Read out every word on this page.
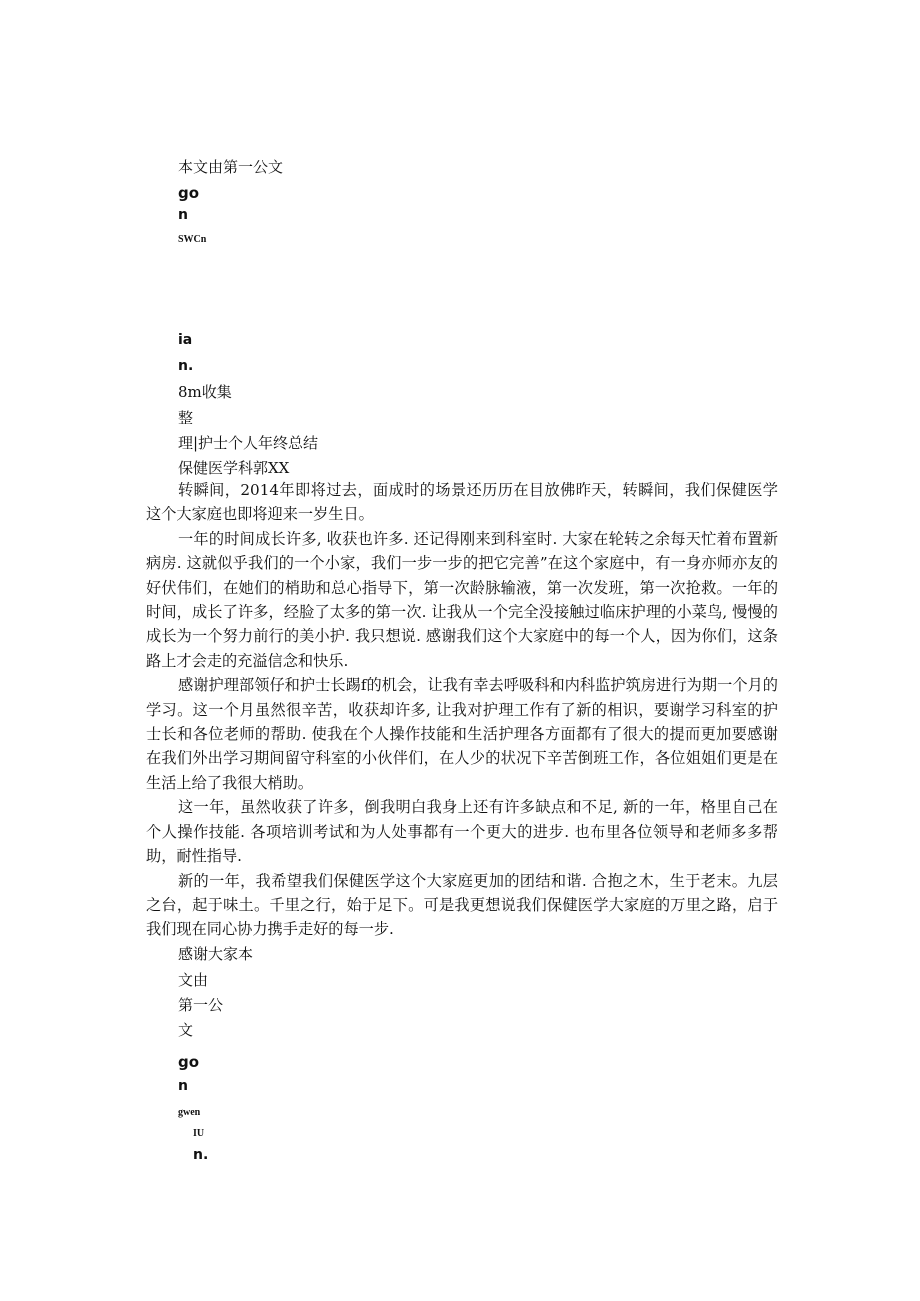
本文由第一公文
go
n
SWCn
ia
n.
8m收集
整
理|护士个人年终总结
保健医学科郭XX

转瞬间，2014年即将过去，面成时的场景还历历在目放佛昨天，转瞬间，我们保健医学这个大家庭也即将迎来一岁生日。

一年的时间成长许多, 收获也许多. 还记得刚来到科室时. 大家在轮转之余每天忙着布置新病房. 这就似乎我们的一个小家，我们一步一步的把它完善”在这个家庭中，有一身亦师亦友的好伏伟们，在她们的梢助和总心指导下，第一次龄脉输液，第一次发班，第一次抢救。一年的时间，成长了许多，经脸了太多的第一次. 让我从一个完全没接触过临床护理的小菜鸟, 慢慢的成长为一个努力前行的美小护. 我只想说. 感谢我们这个大家庭中的每一个人，因为你们，这条路上才会走的充溢信念和快乐.

感谢护理部领仔和护士长踢f的机会，让我有幸去呼吸科和内科监护筑房进行为期一个月的学习。这一个月虽然很辛苦，收获却许多, 让我对护理工作有了新的相识，要谢学习科室的护士长和各位老师的帮助. 使我在个人操作技能和生活护理各方面都有了很大的提而更加要感谢在我们外出学习期间留守科室的小伙伴们，在人少的状况下辛苦倒班工作，各位姐姐们更是在生活上给了我很大梢助。

这一年，虽然收获了许多，倒我明白我身上还有许多缺点和不足, 新的一年，格里自己在个人操作技能. 各项培训考试和为人处事都有一个更大的进步. 也布里各位领导和老师多多帮助，耐性指导.

新的一年，我希望我们保健医学这个大家庭更加的团结和谐. 合抱之木，生于老末。九层之台，起于味土。千里之行，始于足下。可是我更想说我们保健医学大家庭的万里之路，启于我们现在同心协力携手走好的每一步.

感谢大家本
文由
第一公
文
go
n
gwen
IU
n.
